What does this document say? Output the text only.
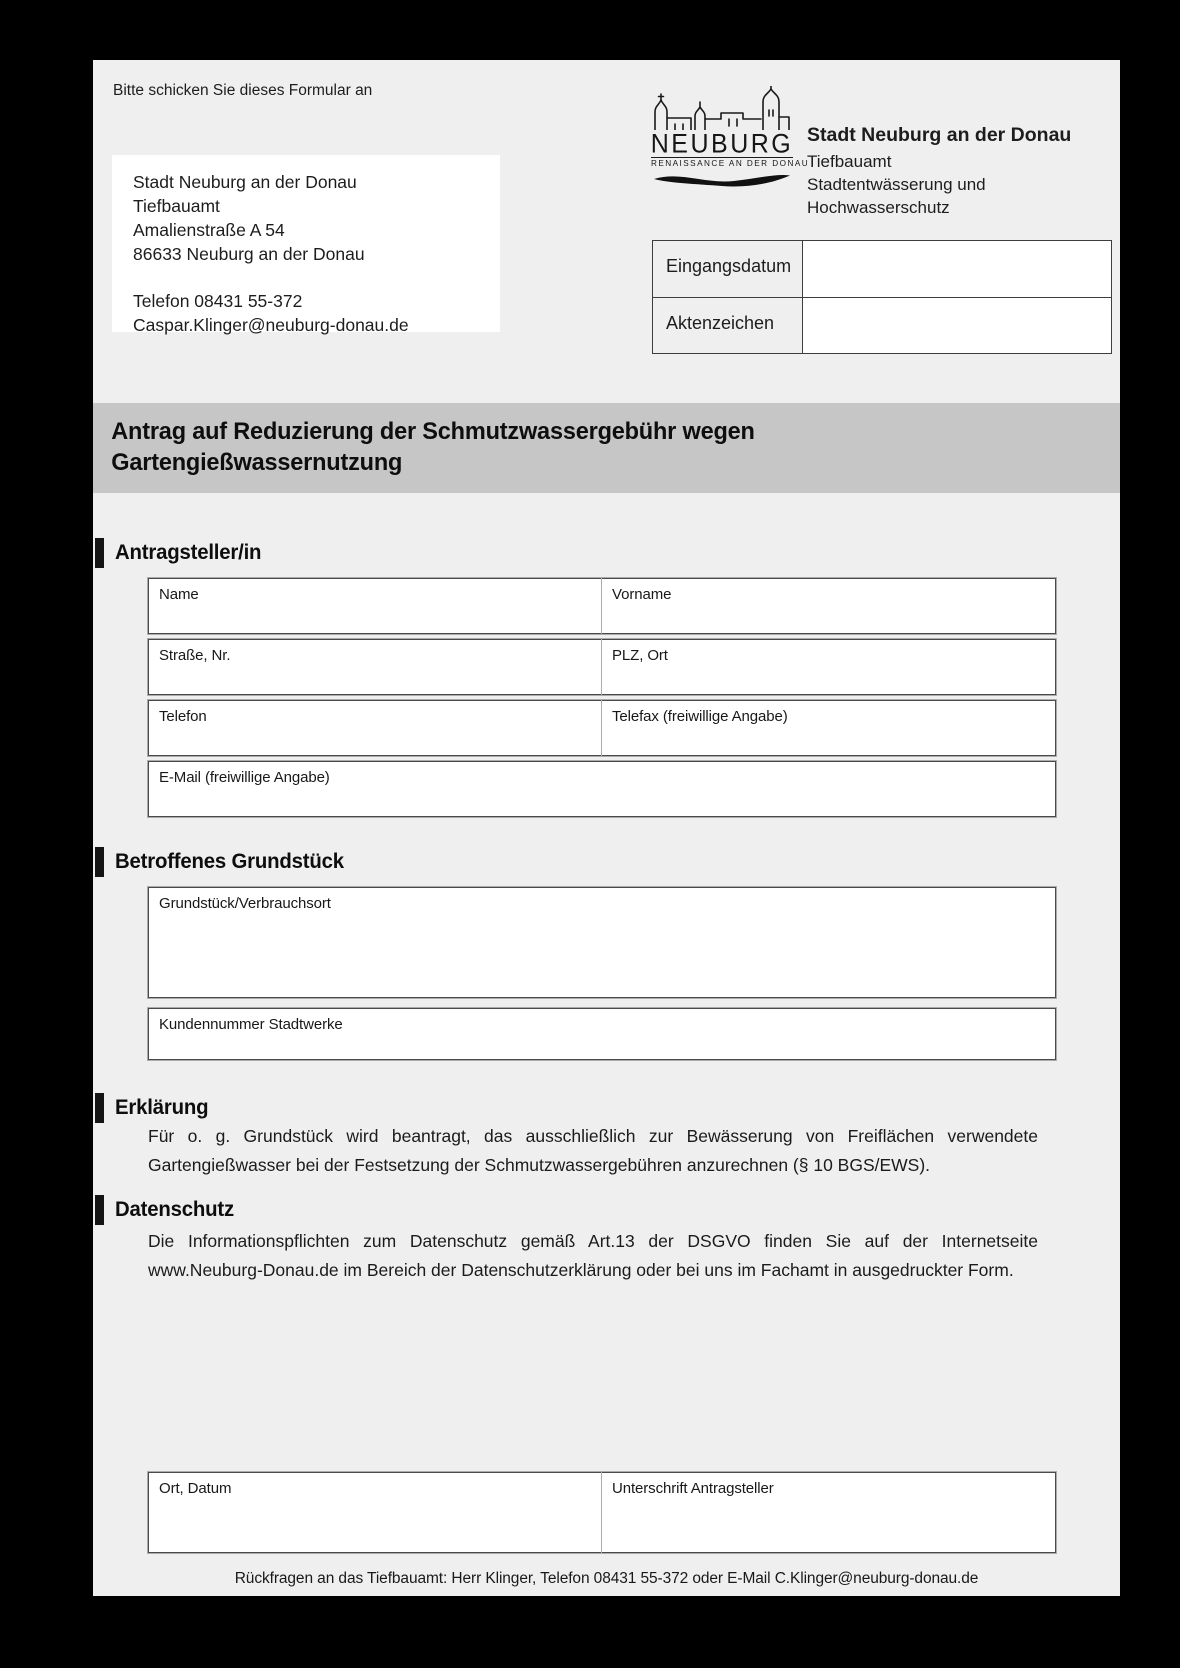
Bitte schicken Sie dieses Formular an
Stadt Neuburg an der Donau
Tiefbauamt
Amalienstraße A 54
86633 Neuburg an der Donau
Telefon 08431 55-372
Caspar.Klinger@neuburg-donau.de
NEUBURG
RENAISSANCE AN DER DONAU
Stadt Neuburg an der Donau
Tiefbauamt
Stadtentwässerung und
Hochwasserschutz
Eingangsdatum
Aktenzeichen
Antrag auf Reduzierung der Schmutzwassergebühr wegen Gartengießwassernutzung
Antragsteller/in
Name	Vorname
Straße, Nr.	PLZ, Ort
Telefon	Telefax (freiwillige Angabe)
E-Mail (freiwillige Angabe)
Betroffenes Grundstück
Grundstück/Verbrauchsort
Kundennummer Stadtwerke
Erklärung
Für o. g. Grundstück wird beantragt, das ausschließlich zur Bewässerung von Freiflächen verwendete Gartengießwasser bei der Festsetzung der Schmutzwassergebühren anzurechnen (§ 10 BGS/EWS).
Datenschutz
Die Informationspflichten zum Datenschutz gemäß Art.13 der DSGVO finden Sie auf der Internetseite www.Neuburg-Donau.de im Bereich der Datenschutzerklärung oder bei uns im Fachamt in ausgedruckter Form.
Ort, Datum	Unterschrift Antragsteller
Rückfragen an das Tiefbauamt: Herr Klinger, Telefon 08431 55-372 oder E-Mail C.Klinger@neuburg-donau.de
